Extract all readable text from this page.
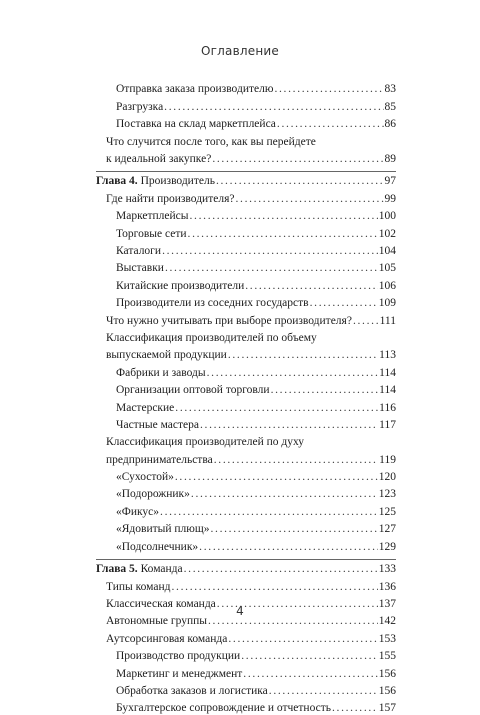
Оглавление
Отправка заказа производителю . . .	83
Разгрузка . . .	85
Поставка на склад маркетплейса . . .	86
Что случится после того, как вы перейдете
к идеальной закупке? . . .	89
Глава 4. Производитель . . .	97
Где найти производителя? . . .	99
Маркетплейсы . . .	100
Торговые сети . . .	102
Каталоги . . .	104
Выставки . . .	105
Китайские производители . . .	106
Производители из соседних государств . . .	109
Что нужно учитывать при выборе производителя? . . . 111
Классификация производителей по объему
выпускаемой продукции . . .	113
Фабрики и заводы . . .	114
Организации оптовой торговли . . .	114
Мастерские . . .	116
Частные мастера . . .	117
Классификация производителей по духу
предпринимательства . . .	119
«Сухостой» . . .	120
«Подорожник» . . .	123
«Фикус» . . .	125
«Ядовитый плющ» . . .	127
«Подсолнечник» . . .	129
Глава 5. Команда . . .	133
Типы команд . . .	136
Классическая команда . . .	137
Автономные группы . . .	142
Аутсорсинговая команда . . .	153
Производство продукции . . .	155
Маркетинг и менеджмент . . .	156
Обработка заказов и логистика . . .	156
Бухгалтерское сопровождение и отчетность . . .	157
4
